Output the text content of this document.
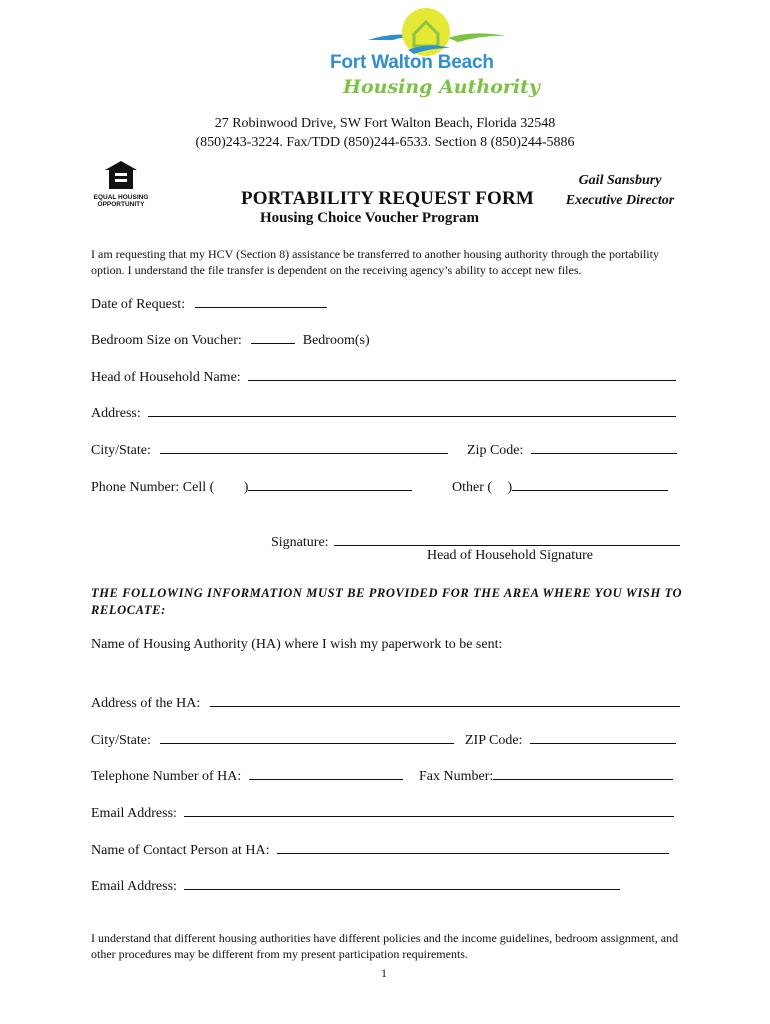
Fort Walton Beach
Housing Authority
27 Robinwood Drive, SW Fort Walton Beach, Florida 32548
(850)243-3224. Fax/TDD (850)244-6533. Section 8 (850)244-5886
EQUAL HOUSING
OPPORTUNITY	PORTABILITY REQUEST FORM
Housing Choice Voucher Program
Gail Sansbury
Executive Director
I am requesting that my HCV (Section 8) assistance be transferred to another housing authority through the portability option. I understand the file transfer is dependent on the receiving agency’s ability to accept new files.
Date of Request:
Bedroom Size on Voucher:	Bedroom(s)
Head of Household Name:
Address:
City/State:	Zip Code:
Phone Number: Cell ( )	Other ( )
Signature:
Head of Household Signature
THE FOLLOWING INFORMATION MUST BE PROVIDED FOR THE AREA WHERE YOU WISH TO RELOCATE:
Name of Housing Authority (HA) where I wish my paperwork to be sent:
Address of the HA:
City/State:	ZIP Code:
Telephone Number of HA:	Fax Number:
Email Address:
Name of Contact Person at HA:
Email Address:
I understand that different housing authorities have different policies and the income guidelines, bedroom assignment, and other procedures may be different from my present participation requirements.
1
